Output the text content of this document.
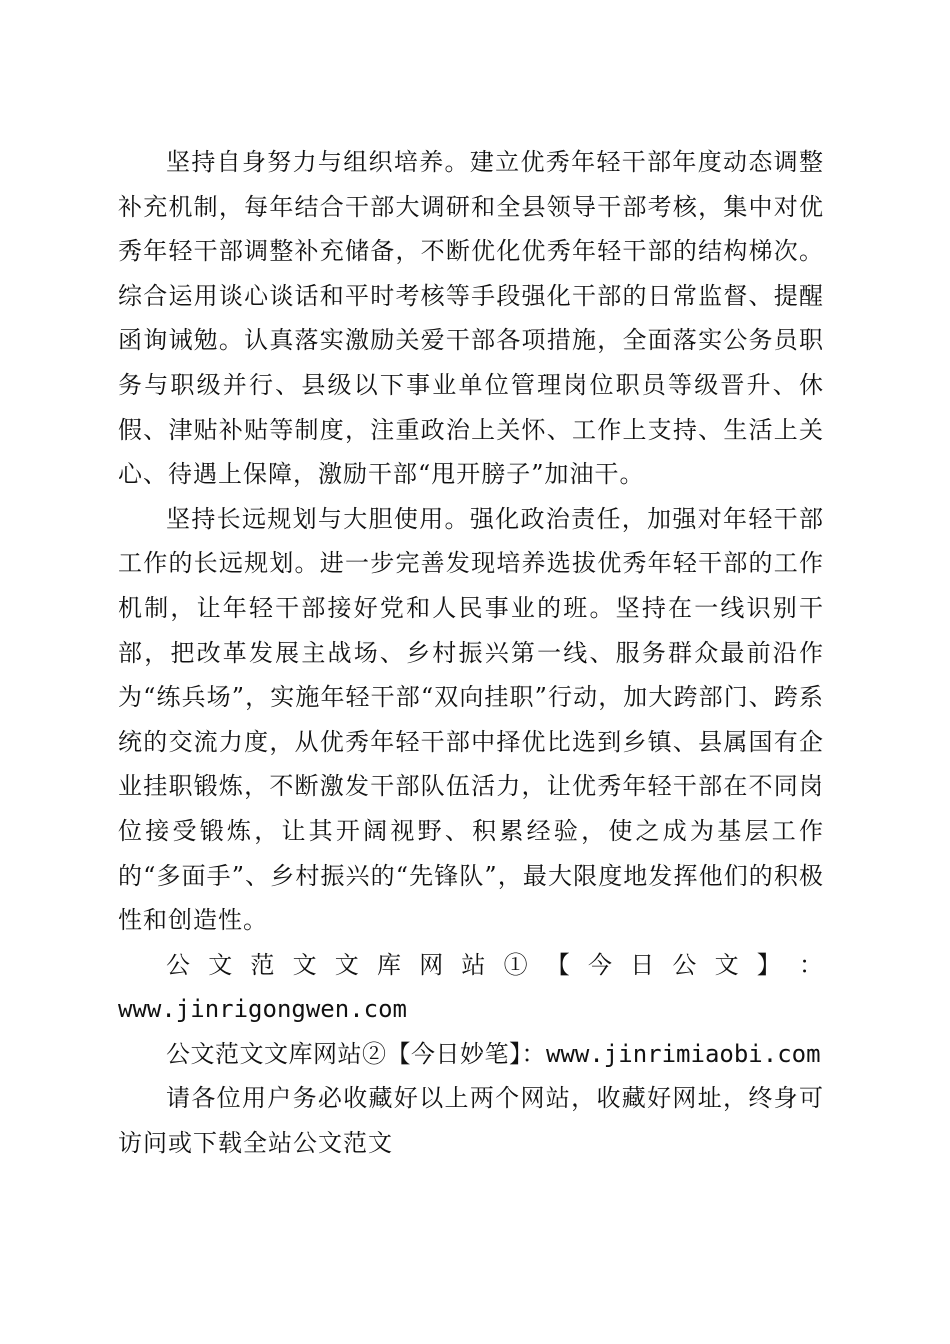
坚持自身努力与组织培养。建立优秀年轻干部年度动态调整补充机制，每年结合干部大调研和全县领导干部考核，集中对优秀年轻干部调整补充储备，不断优化优秀年轻干部的结构梯次。综合运用谈心谈话和平时考核等手段强化干部的日常监督、提醒函询诫勉。认真落实激励关爱干部各项措施，全面落实公务员职务与职级并行、县级以下事业单位管理岗位职员等级晋升、休假、津贴补贴等制度，注重政治上关怀、工作上支持、生活上关心、待遇上保障，激励干部“甩开膀子”加油干。

坚持长远规划与大胆使用。强化政治责任，加强对年轻干部工作的长远规划。进一步完善发现培养选拔优秀年轻干部的工作机制，让年轻干部接好党和人民事业的班。坚持在一线识别干部，把改革发展主战场、乡村振兴第一线、服务群众最前沿作为“练兵场”，实施年轻干部“双向挂职”行动，加大跨部门、跨系统的交流力度，从优秀年轻干部中择优比选到乡镇、县属国有企业挂职锻炼，不断激发干部队伍活力，让优秀年轻干部在不同岗位接受锻炼，让其开阔视野、积累经验，使之成为基层工作的“多面手”、乡村振兴的“先锋队”，最大限度地发挥他们的积极性和创造性。

公 文 范 文 文 库 网 站 ① 【 今 日 公 文 】 ：

www.jinrigongwen.com

公文范文文库网站②【今日妙笔】：www.jinrimiaobi.com

请各位用户务必收藏好以上两个网站，收藏好网址，终身可访问或下载全站公文范文
